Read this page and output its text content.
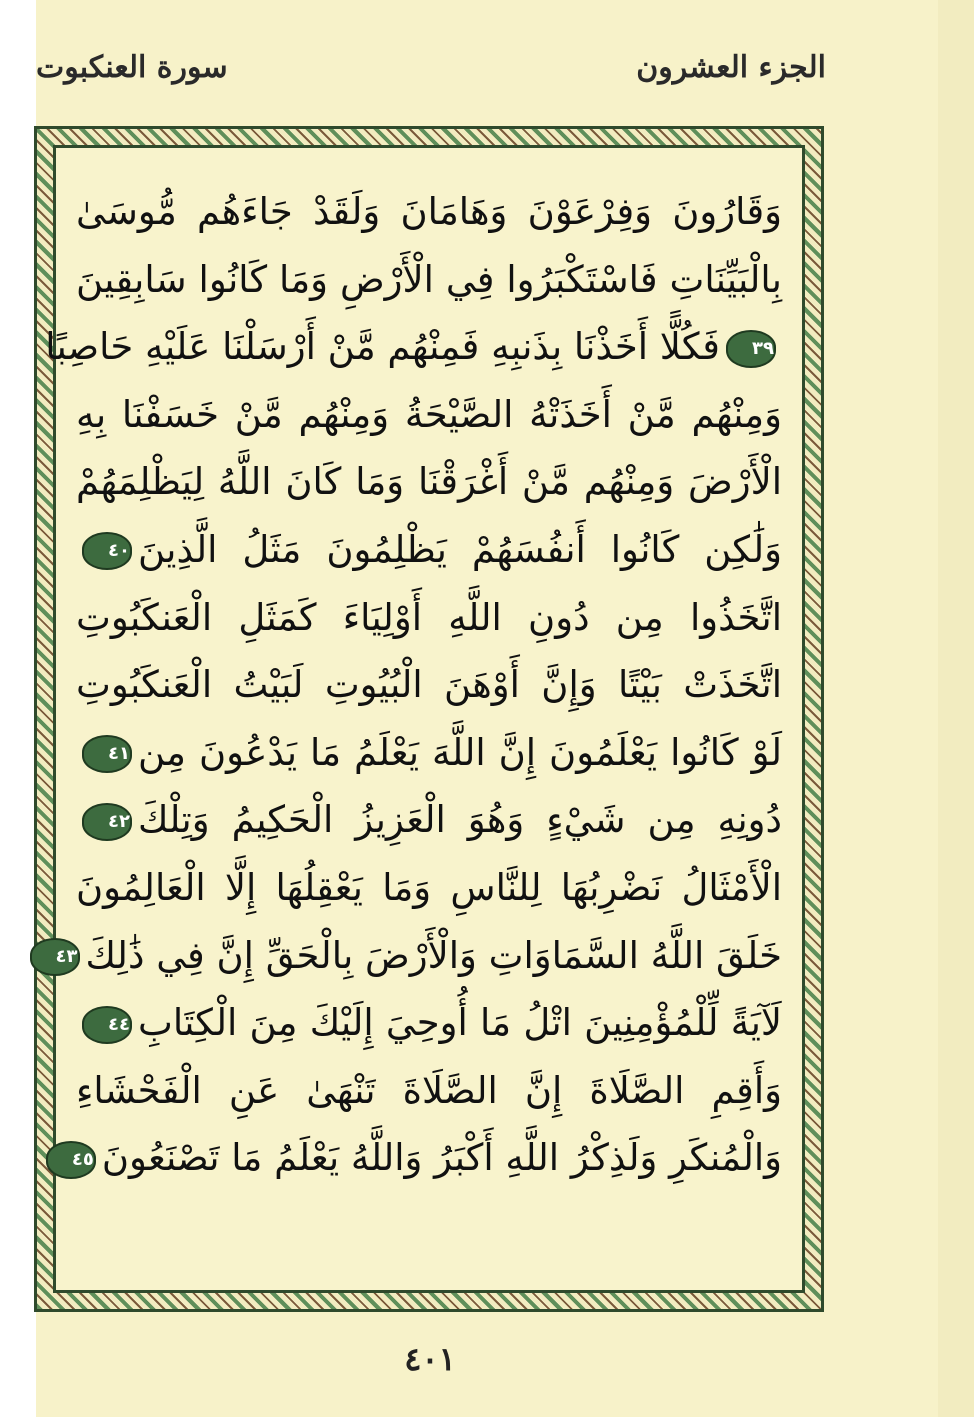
الجزء العشرون
سورة العنكبوت
وَقَارُونَ وَفِرْعَوْنَ وَهَامَانَ وَلَقَدْ جَاءَهُم مُّوسَىٰ
بِالْبَيِّنَاتِ فَاسْتَكْبَرُوا فِي الْأَرْضِ وَمَا كَانُوا سَابِقِينَ
٣٩فَكُلًّا أَخَذْنَا بِذَنبِهِ فَمِنْهُم مَّنْ أَرْسَلْنَا عَلَيْهِ حَاصِبًا
وَمِنْهُم مَّنْ أَخَذَتْهُ الصَّيْحَةُ وَمِنْهُم مَّنْ خَسَفْنَا بِهِ
الْأَرْضَ وَمِنْهُم مَّنْ أَغْرَقْنَا وَمَا كَانَ اللَّهُ لِيَظْلِمَهُمْ
وَلَٰكِن كَانُوا أَنفُسَهُمْ يَظْلِمُونَ مَثَلُ الَّذِينَ٤٠
اتَّخَذُوا مِن دُونِ اللَّهِ أَوْلِيَاءَ كَمَثَلِ الْعَنكَبُوتِ
اتَّخَذَتْ بَيْتًا وَإِنَّ أَوْهَنَ الْبُيُوتِ لَبَيْتُ الْعَنكَبُوتِ
لَوْ كَانُوا يَعْلَمُونَ إِنَّ اللَّهَ يَعْلَمُ مَا يَدْعُونَ مِن٤١
دُونِهِ مِن شَيْءٍ وَهُوَ الْعَزِيزُ الْحَكِيمُ وَتِلْكَ٤٢
الْأَمْثَالُ نَضْرِبُهَا لِلنَّاسِ وَمَا يَعْقِلُهَا إِلَّا الْعَالِمُونَ
خَلَقَ اللَّهُ السَّمَاوَاتِ وَالْأَرْضَ بِالْحَقِّ إِنَّ فِي ذَٰلِكَ٤٣
لَآيَةً لِّلْمُؤْمِنِينَ اتْلُ مَا أُوحِيَ إِلَيْكَ مِنَ الْكِتَابِ٤٤
وَأَقِمِ الصَّلَاةَ إِنَّ الصَّلَاةَ تَنْهَىٰ عَنِ الْفَحْشَاءِ
وَالْمُنكَرِ وَلَذِكْرُ اللَّهِ أَكْبَرُ وَاللَّهُ يَعْلَمُ مَا تَصْنَعُونَ٤٥
٤٠١
